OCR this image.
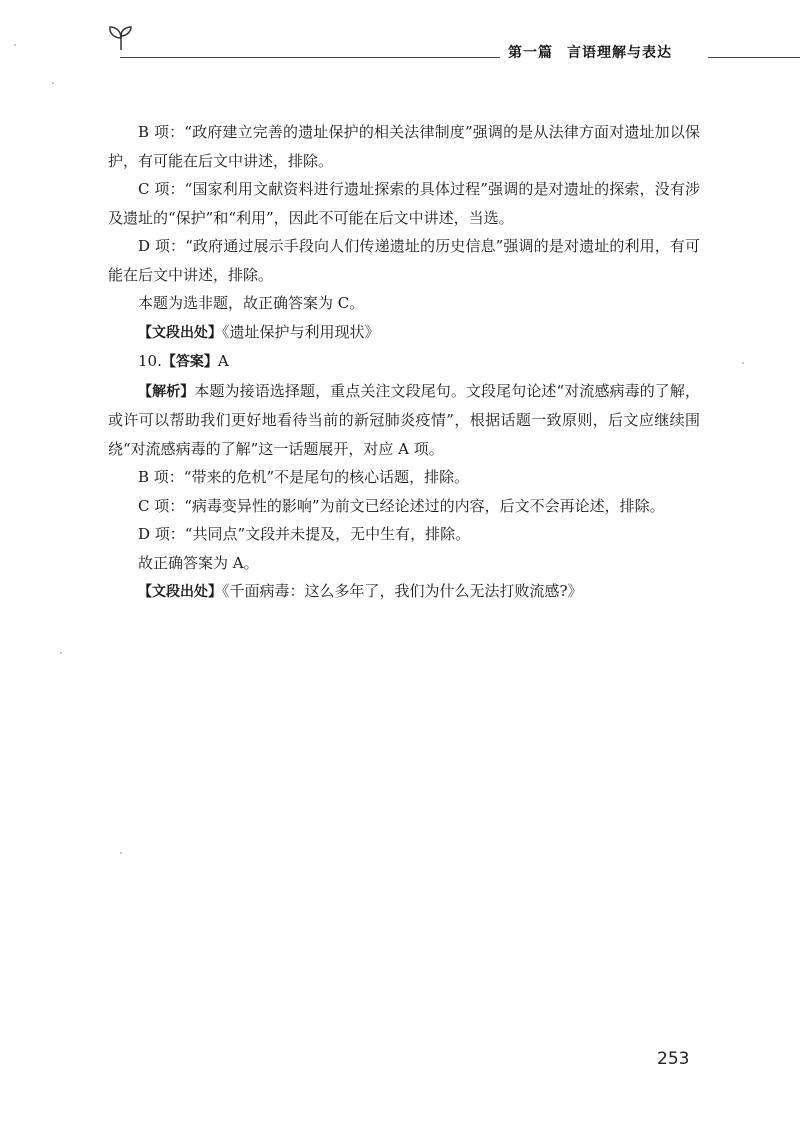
第一篇 言语理解与表达

B 项：“政府建立完善的遗址保护的相关法律制度”强调的是从法律方面对遗址加以保护，有可能在后文中讲述，排除。

C 项：“国家利用文献资料进行遗址探索的具体过程”强调的是对遗址的探索，没有涉及遗址的“保护”和“利用”，因此不可能在后文中讲述，当选。

D 项：“政府通过展示手段向人们传递遗址的历史信息”强调的是对遗址的利用，有可能在后文中讲述，排除。

本题为选非题，故正确答案为 C。

【文段出处】《遗址保护与利用现状》

10.【答案】A

【解析】本题为接语选择题，重点关注文段尾句。文段尾句论述“对流感病毒的了解，或许可以帮助我们更好地看待当前的新冠肺炎疫情”，根据话题一致原则，后文应继续围绕“对流感病毒的了解”这一话题展开，对应 A 项。

B 项：“带来的危机”不是尾句的核心话题，排除。

C 项：“病毒变异性的影响”为前文已经论述过的内容，后文不会再论述，排除。

D 项：“共同点”文段并未提及，无中生有，排除。

故正确答案为 A。

【文段出处】《千面病毒：这么多年了，我们为什么无法打败流感?》

253
